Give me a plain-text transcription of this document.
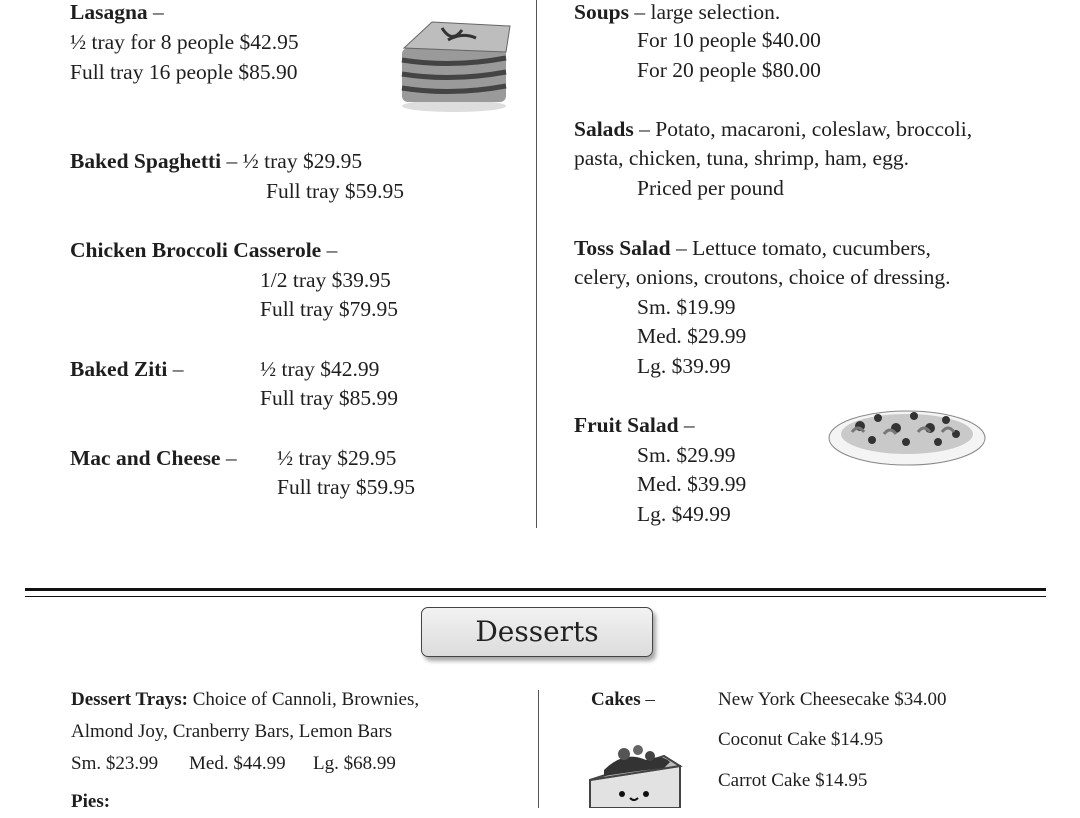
Lasagna –
½ tray for 8 people $42.95
Full tray 16 people $85.90
Baked Spaghetti – ½ tray $29.95
Full tray $59.95
Chicken Broccoli Casserole –
1/2 tray $39.95
Full tray $79.95
Baked Ziti –	½ tray $42.99
Full tray $85.99
Mac and Cheese – ½ tray $29.95
Full tray $59.95
Soups – large selection.
For 10 people $40.00
For 20 people $80.00
Salads – Potato, macaroni, coleslaw, broccoli,
pasta, chicken, tuna, shrimp, ham, egg.
Priced per pound
Toss Salad – Lettuce tomato, cucumbers,
celery, onions, croutons, choice of dressing.
Sm. $19.99
Med. $29.99
Lg. $39.99
Fruit Salad –
Sm. $29.99
Med. $39.99
Lg. $49.99
Desserts
Dessert Trays: Choice of Cannoli, Brownies,
Almond Joy, Cranberry Bars, Lemon Bars
Sm. $23.99 Med. $44.99 Lg. $68.99
Pies:
Cakes –	New York Cheesecake $34.00
Coconut Cake $14.95
Carrot Cake $14.95
